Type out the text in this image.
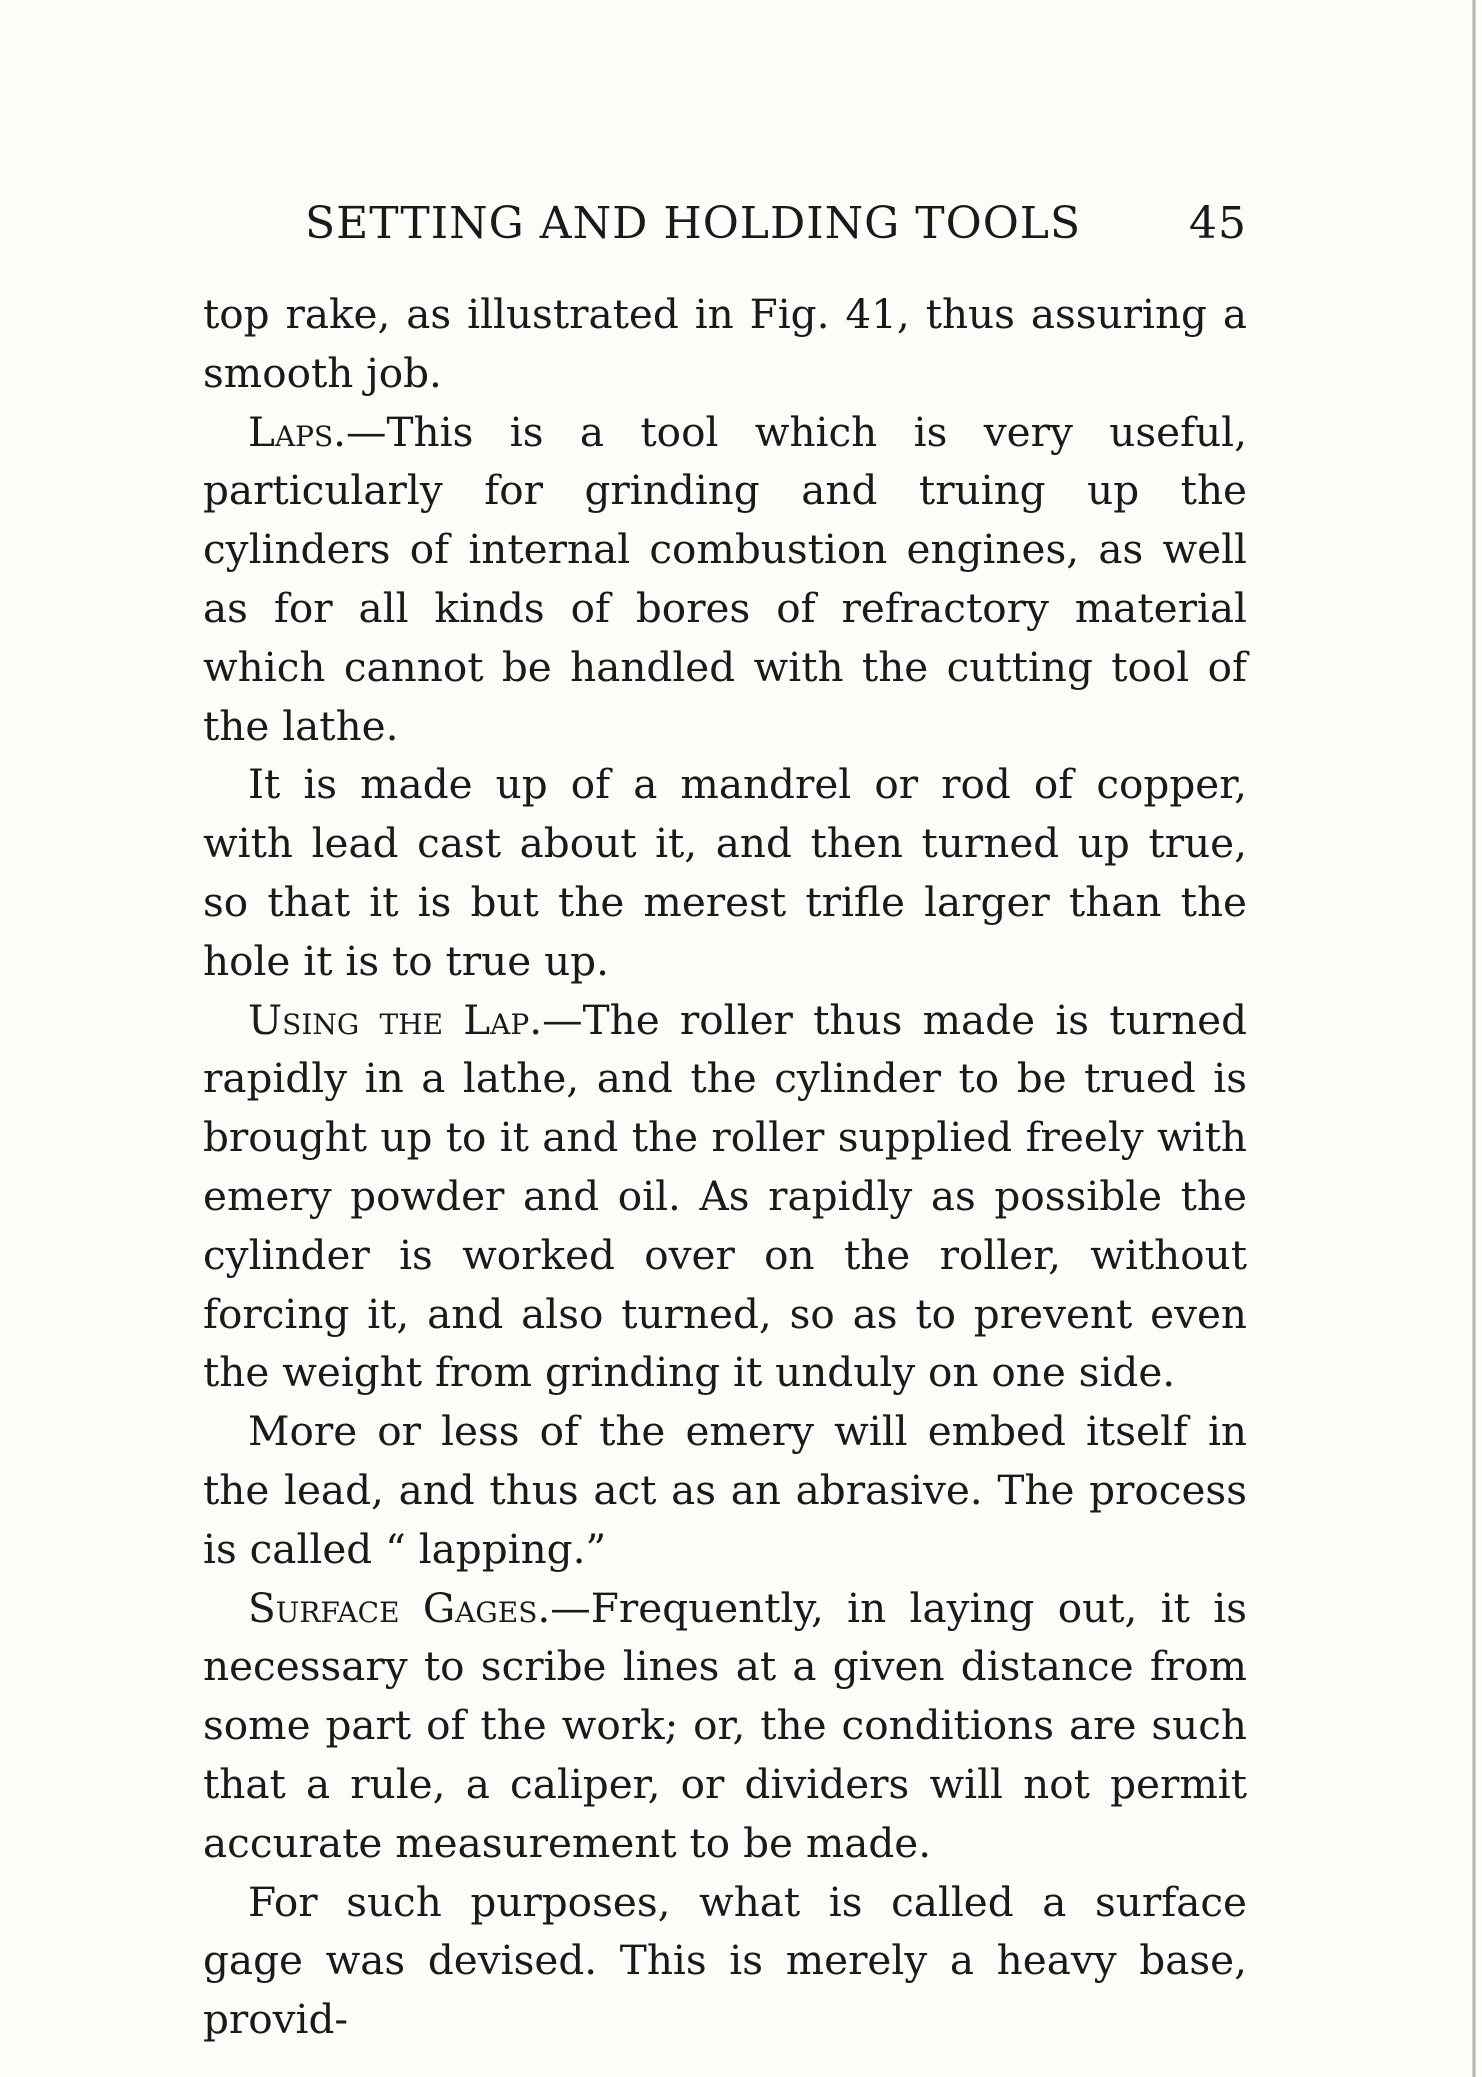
SETTING AND HOLDING TOOLS 45

top rake, as illustrated in Fig. 41, thus assuring a smooth job.

Laps.—This is a tool which is very useful, particularly for grinding and truing up the cylinders of internal combustion engines, as well as for all kinds of bores of refractory material which cannot be handled with the cutting tool of the lathe.

It is made up of a mandrel or rod of copper, with lead cast about it, and then turned up true, so that it is but the merest trifle larger than the hole it is to true up.

Using the Lap.—The roller thus made is turned rapidly in a lathe, and the cylinder to be trued is brought up to it and the roller supplied freely with emery powder and oil. As rapidly as possible the cylinder is worked over on the roller, without forcing it, and also turned, so as to prevent even the weight from grinding it unduly on one side.

More or less of the emery will embed itself in the lead, and thus act as an abrasive. The process is called “ lapping.”

Surface Gages.—Frequently, in laying out, it is necessary to scribe lines at a given distance from some part of the work; or, the conditions are such that a rule, a caliper, or dividers will not permit accurate measurement to be made.

For such purposes, what is called a surface gage was devised. This is merely a heavy base, provid-
